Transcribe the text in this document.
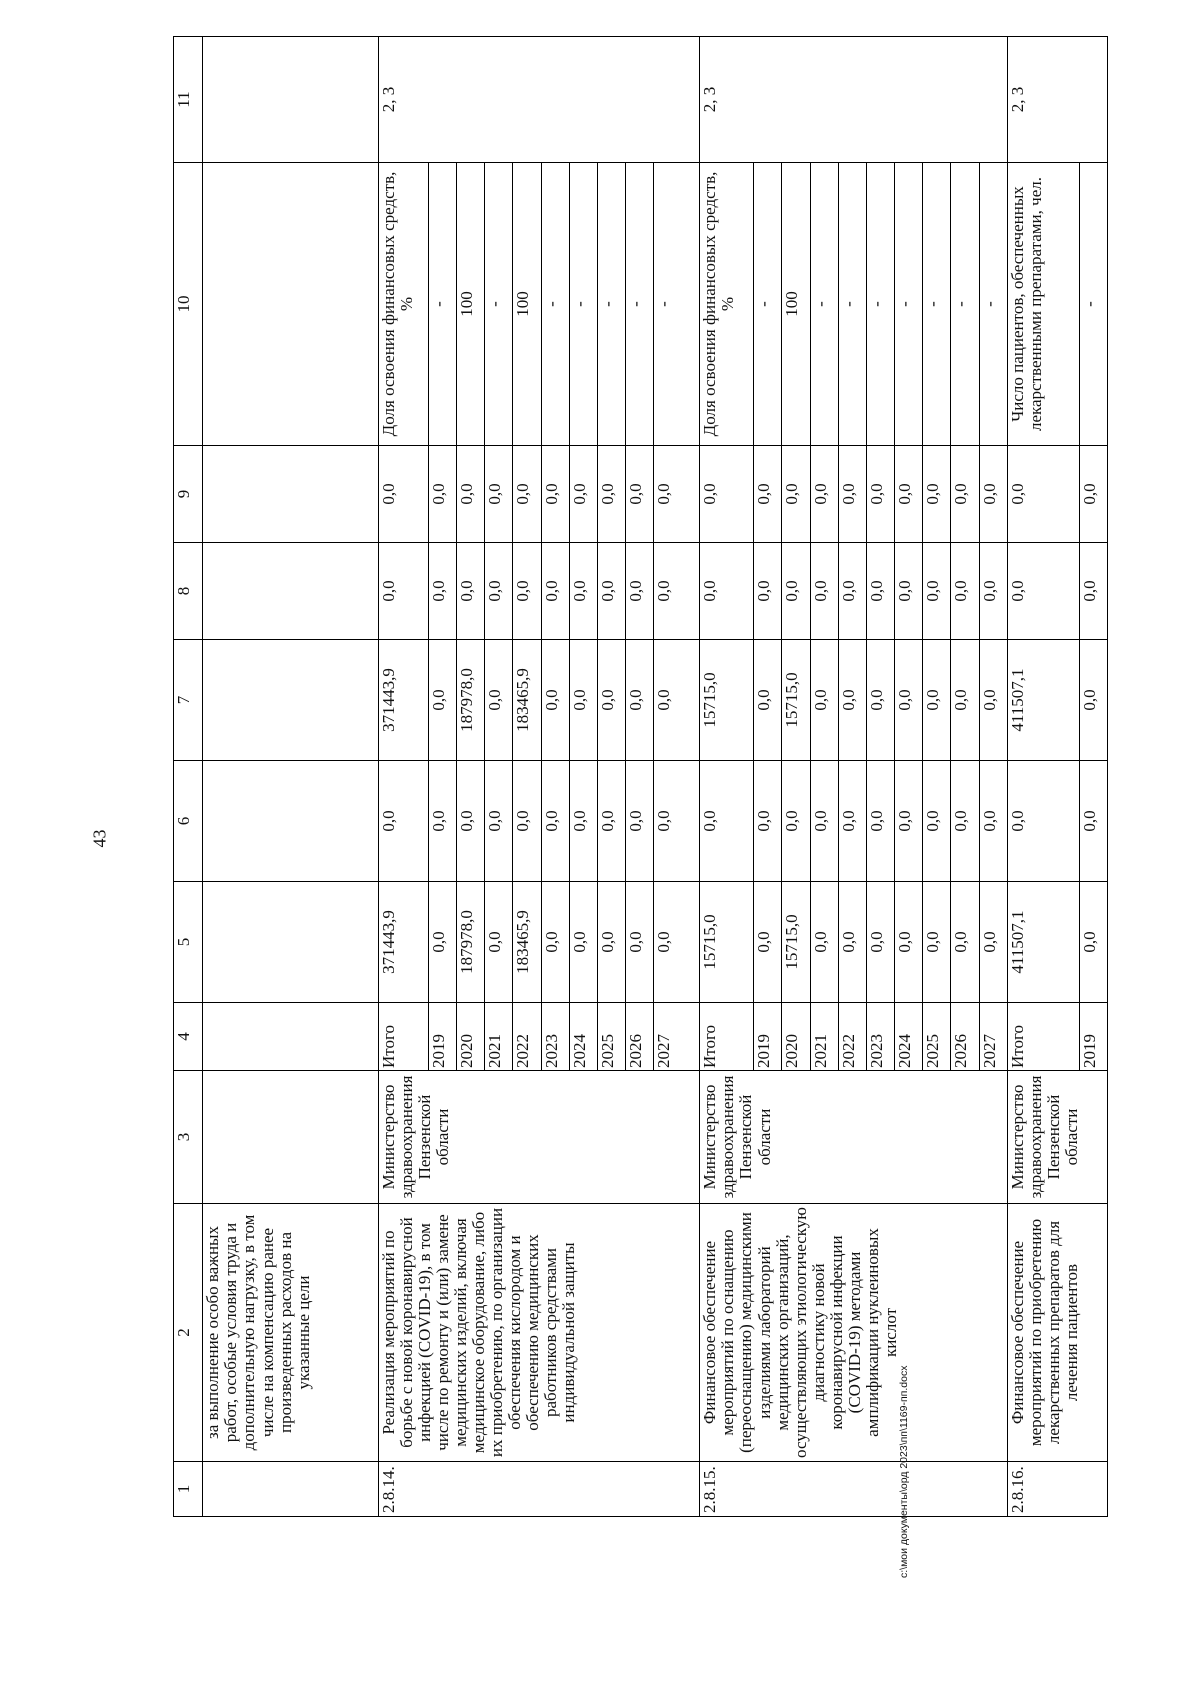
43
1	2	3	4	5	6	7	8	9	10	11
	за выполнение особо важных работ, особые условия труда и дополнительную нагрузку, в том числе на компенсацию ранее произведенных расходов на указанные цели									
2.8.14.	Реализация мероприятий по борьбе с новой коронавирусной инфекцией (COVID-19), в том числе по ремонту и (или) замене медицинских изделий, включая медицинское оборудование, либо их приобретению, по организации обеспечения кислородом и обеспечению медицинских работников средствами индивидуальной защиты	Министерство здравоохранения Пензенской области	Итого	371443,9	0,0	371443,9	0,0	0,0	Доля освоения финансовых средств, %	2, 3
			2019	0,0	0,0	0,0	0,0	0,0	-	
			2020	187978,0	0,0	187978,0	0,0	0,0	100	
			2021	0,0	0,0	0,0	0,0	0,0	-	
			2022	183465,9	0,0	183465,9	0,0	0,0	100	
			2023	0,0	0,0	0,0	0,0	0,0	-	
			2024	0,0	0,0	0,0	0,0	0,0	-	
			2025	0,0	0,0	0,0	0,0	0,0	-	
			2026	0,0	0,0	0,0	0,0	0,0	-	
			2027	0,0	0,0	0,0	0,0	0,0	-	
2.8.15.	Финансовое обеспечение мероприятий по оснащению (переоснащению) медицинскими изделиями лабораторий медицинских организаций, осуществляющих этиологическую диагностику новой коронавирусной инфекции (COVID-19) методами амплификации нуклеиновых кислот	Министерство здравоохранения Пензенской области	Итого	15715,0	0,0	15715,0	0,0	0,0	Доля освоения финансовых средств, %	2, 3
			2019	0,0	0,0	0,0	0,0	0,0	-	
			2020	15715,0	0,0	15715,0	0,0	0,0	100	
			2021	0,0	0,0	0,0	0,0	0,0	-	
			2022	0,0	0,0	0,0	0,0	0,0	-	
			2023	0,0	0,0	0,0	0,0	0,0	-	
			2024	0,0	0,0	0,0	0,0	0,0	-	
			2025	0,0	0,0	0,0	0,0	0,0	-	
			2026	0,0	0,0	0,0	0,0	0,0	-	
			2027	0,0	0,0	0,0	0,0	0,0	-	
2.8.16.	Финансовое обеспечение мероприятий по приобретению лекарственных препаратов для лечения пациентов	Министерство здравоохранения Пензенской области	Итого	411507,1	0,0	411507,1	0,0	0,0	Число пациентов, обеспеченных лекарственными препаратами, чел.	2, 3
			2019	0,0	0,0	0,0	0,0	0,0	-	
c:\мои документы\орд 2023\пп\1169-пп.docx
